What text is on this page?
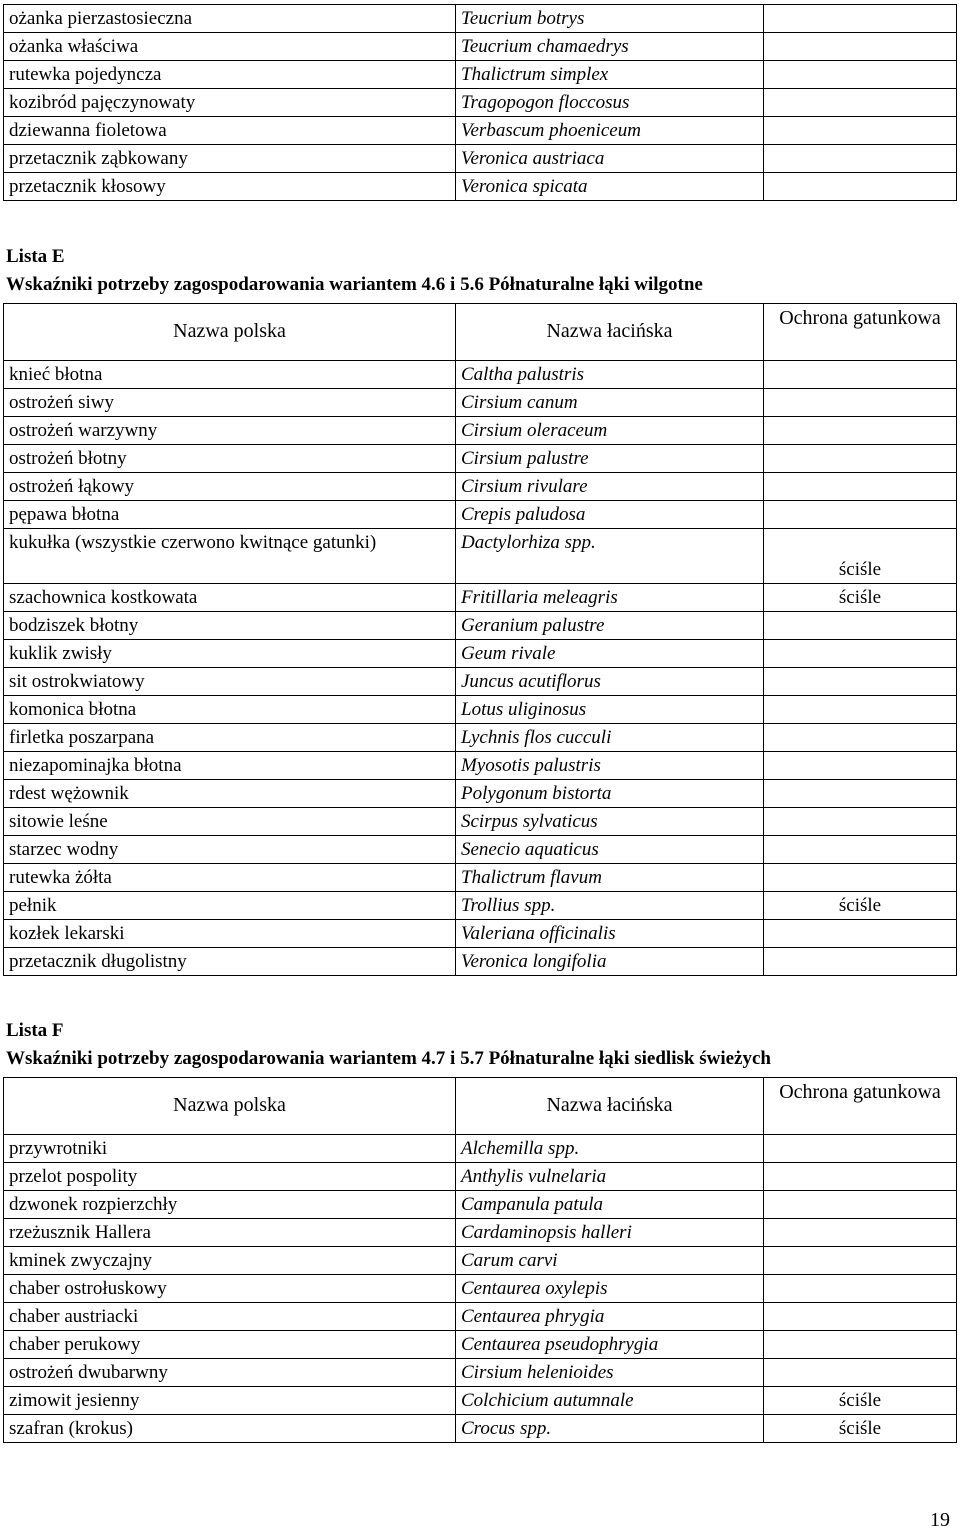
ożanka pierzastosieczna	Teucrium botrys	
ożanka właściwa	Teucrium chamaedrys	
rutewka pojedyncza	Thalictrum simplex	
kozibród pajęczynowaty	Tragopogon floccosus	
dziewanna fioletowa	Verbascum phoeniceum	
przetacznik ząbkowany	Veronica austriaca	
przetacznik kłosowy	Veronica spicata	

Lista E

Wskaźniki potrzeby zagospodarowania wariantem 4.6 i 5.6 Półnaturalne łąki wilgotne

Nazwa polska	Nazwa łacińska	Ochrona gatunkowa
knieć błotna	Caltha palustris	
ostrożeń siwy	Cirsium canum	
ostrożeń warzywny	Cirsium oleraceum	
ostrożeń błotny	Cirsium palustre	
ostrożeń łąkowy	Cirsium rivulare	
pępawa błotna	Crepis paludosa	
kukułka (wszystkie czerwono kwitnące gatunki)	Dactylorhiza spp.	ściśle
szachownica kostkowata	Fritillaria meleagris	ściśle
bodziszek błotny	Geranium palustre	
kuklik zwisły	Geum rivale	
sit ostrokwiatowy	Juncus acutiflorus	
komonica błotna	Lotus uliginosus	
firletka poszarpana	Lychnis flos cucculi	
niezapominajka błotna	Myosotis palustris	
rdest wężownik	Polygonum bistorta	
sitowie leśne	Scirpus sylvaticus	
starzec wodny	Senecio aquaticus	
rutewka żółta	Thalictrum flavum	
pełnik	Trollius spp.	ściśle
kozłek lekarski	Valeriana officinalis	
przetacznik długolistny	Veronica longifolia	

Lista F

Wskaźniki potrzeby zagospodarowania wariantem 4.7 i 5.7 Półnaturalne łąki siedlisk świeżych

Nazwa polska	Nazwa łacińska	Ochrona gatunkowa
przywrotniki	Alchemilla spp.	
przelot pospolity	Anthylis vulnelaria	
dzwonek rozpierzchły	Campanula patula	
rzeżusznik Hallera	Cardaminopsis halleri	
kminek zwyczajny	Carum carvi	
chaber ostrołuskowy	Centaurea oxylepis	
chaber austriacki	Centaurea phrygia	
chaber perukowy	Centaurea pseudophrygia	
ostrożeń dwubarwny	Cirsium helenioides	
zimowit jesienny	Colchicium autumnale	ściśle
szafran (krokus)	Crocus spp.	ściśle
19
